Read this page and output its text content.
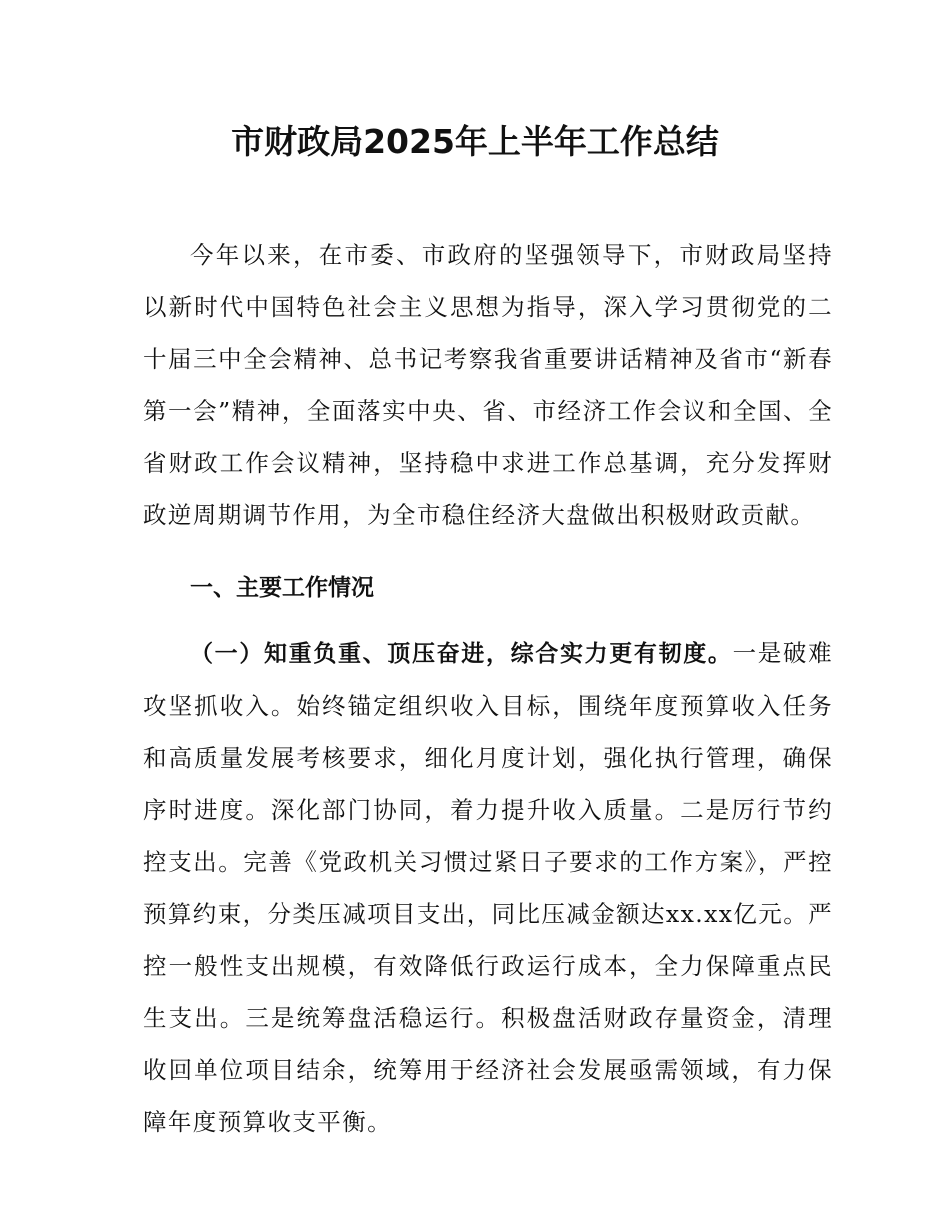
市财政局2025年上半年工作总结

今年以来，在市委、市政府的坚强领导下，市财政局坚持以新时代中国特色社会主义思想为指导，深入学习贯彻党的二十届三中全会精神、总书记考察我省重要讲话精神及省市“新春第一会”精神，全面落实中央、省、市经济工作会议和全国、全省财政工作会议精神，坚持稳中求进工作总基调，充分发挥财政逆周期调节作用，为全市稳住经济大盘做出积极财政贡献。

一、主要工作情况

（一）知重负重、顶压奋进，综合实力更有韧度。一是破难攻坚抓收入。始终锚定组织收入目标，围绕年度预算收入任务和高质量发展考核要求，细化月度计划，强化执行管理，确保序时进度。深化部门协同，着力提升收入质量。二是厉行节约控支出。完善《党政机关习惯过紧日子要求的工作方案》，严控预算约束，分类压减项目支出，同比压减金额达xx.xx亿元。严控一般性支出规模，有效降低行政运行成本，全力保障重点民生支出。三是统筹盘活稳运行。积极盘活财政存量资金，清理收回单位项目结余，统筹用于经济社会发展亟需领域，有力保障年度预算收支平衡。
